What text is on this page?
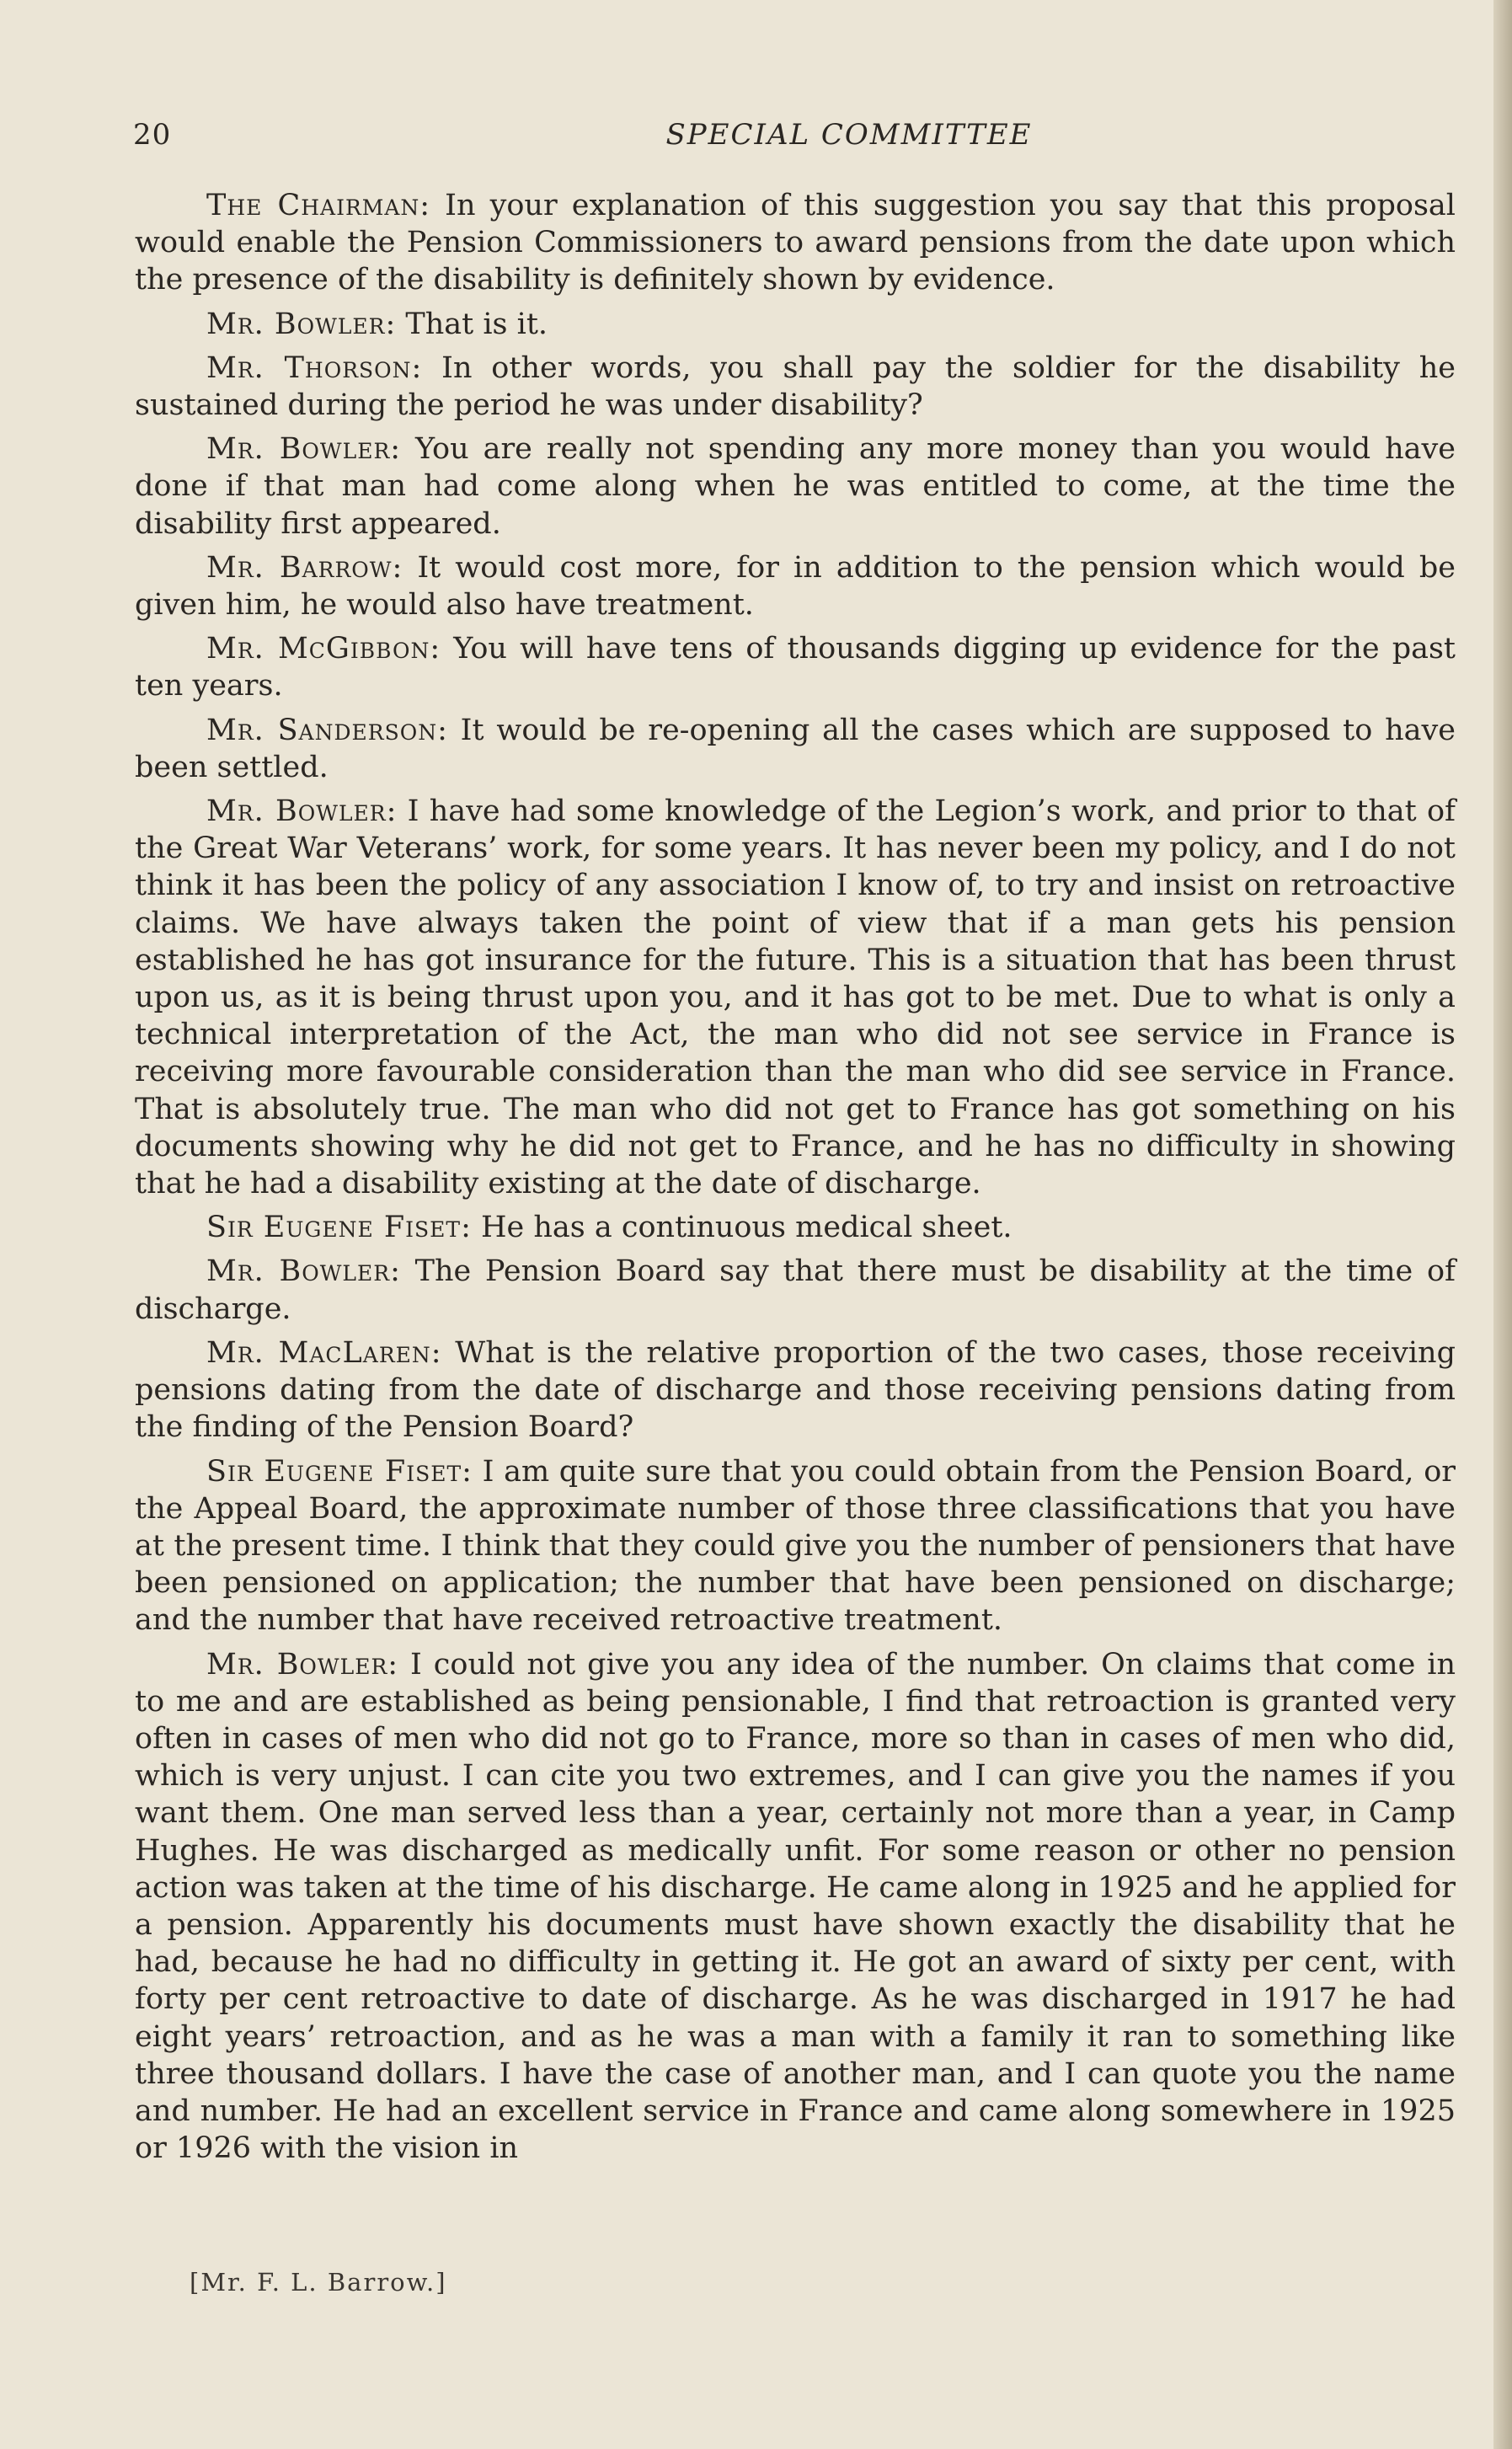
20	SPECIAL COMMITTEE

The Chairman: In your explanation of this suggestion you say that this proposal would enable the Pension Commissioners to award pensions from the date upon which the presence of the disability is definitely shown by evidence.

Mr. Bowler: That is it.

Mr. Thorson: In other words, you shall pay the soldier for the disability he sustained during the period he was under disability?

Mr. Bowler: You are really not spending any more money than you would have done if that man had come along when he was entitled to come, at the time the disability first appeared.

Mr. Barrow: It would cost more, for in addition to the pension which would be given him, he would also have treatment.

Mr. McGibbon: You will have tens of thousands digging up evidence for the past ten years.

Mr. Sanderson: It would be re-opening all the cases which are supposed to have been settled.

Mr. Bowler: I have had some knowledge of the Legion’s work, and prior to that of the Great War Veterans’ work, for some years. It has never been my policy, and I do not think it has been the policy of any association I know of, to try and insist on retroactive claims. We have always taken the point of view that if a man gets his pension established he has got insurance for the future. This is a situation that has been thrust upon us, as it is being thrust upon you, and it has got to be met. Due to what is only a technical interpretation of the Act, the man who did not see service in France is receiving more favourable consideration than the man who did see service in France. That is absolutely true. The man who did not get to France has got something on his documents showing why he did not get to France, and he has no difficulty in showing that he had a disability existing at the date of discharge.

Sir Eugene Fiset: He has a continuous medical sheet.

Mr. Bowler: The Pension Board say that there must be disability at the time of discharge.

Mr. MacLaren: What is the relative proportion of the two cases, those receiving pensions dating from the date of discharge and those receiving pensions dating from the finding of the Pension Board?

Sir Eugene Fiset: I am quite sure that you could obtain from the Pension Board, or the Appeal Board, the approximate number of those three classifications that you have at the present time. I think that they could give you the number of pensioners that have been pensioned on application; the number that have been pensioned on discharge; and the number that have received retroactive treatment.

Mr. Bowler: I could not give you any idea of the number. On claims that come in to me and are established as being pensionable, I find that retroaction is granted very often in cases of men who did not go to France, more so than in cases of men who did, which is very unjust. I can cite you two extremes, and I can give you the names if you want them. One man served less than a year, certainly not more than a year, in Camp Hughes. He was discharged as medically unfit. For some reason or other no pension action was taken at the time of his discharge. He came along in 1925 and he applied for a pension. Apparently his documents must have shown exactly the disability that he had, because he had no difficulty in getting it. He got an award of sixty per cent, with forty per cent retroactive to date of discharge. As he was discharged in 1917 he had eight years’ retroaction, and as he was a man with a family it ran to something like three thousand dollars. I have the case of another man, and I can quote you the name and number. He had an excellent service in France and came along somewhere in 1925 or 1926 with the vision in

[Mr. F. L. Barrow.]
